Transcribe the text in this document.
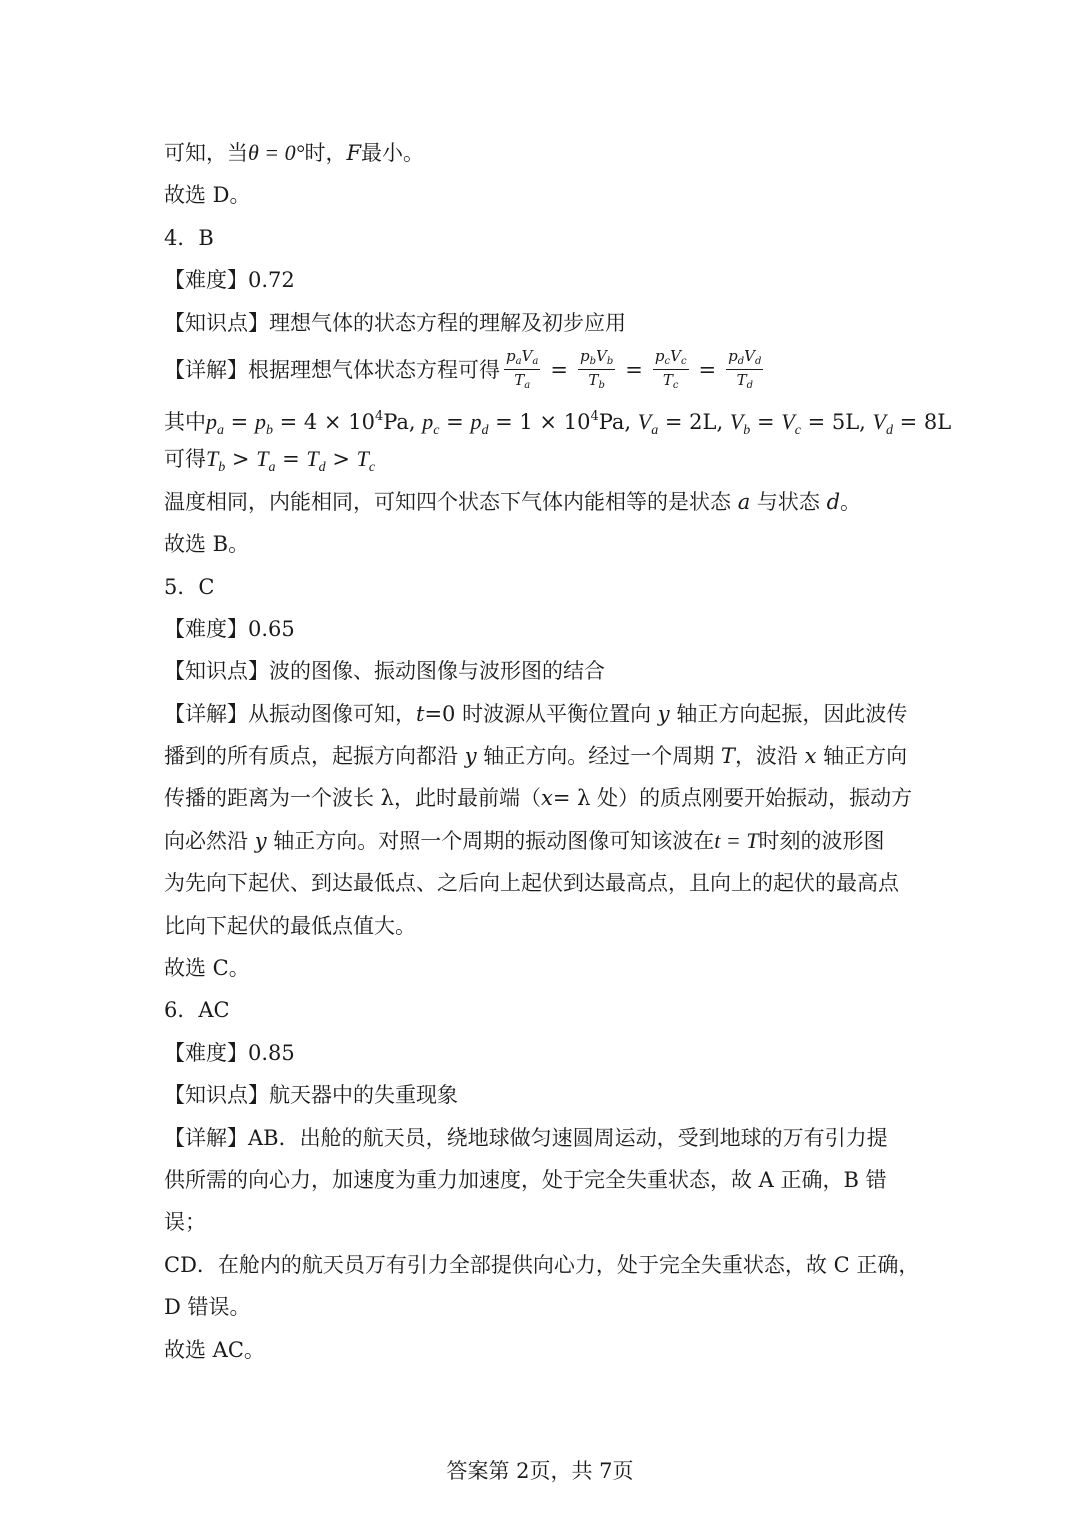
可知，当θ = 0°时，F最小。
故选 D。
4．B
【难度】0.72
【知识点】理想气体的状态方程的理解及初步应用
【详解】根据理想气体状态方程可得 $\frac{p_aV_a}{T_a} = \frac{p_bV_b}{T_b} = \frac{p_cV_c}{T_c} = \frac{p_dV_d}{T_d}$
其中$p_a = p_b = 4 \times 10^4Pa$, $p_c = p_d = 1 \times 10^4Pa$, $V_a = 2L$, $V_b = V_c = 5L$, $V_d = 8L$
可得$T_b > T_a = T_d > T_c$
温度相同，内能相同，可知四个状态下气体内能相等的是状态 a 与状态 d。
故选 B。
5．C
【难度】0.65
【知识点】波的图像、振动图像与波形图的结合
【详解】从振动图像可知，t=0 时波源从平衡位置向 y 轴正方向起振，因此波传
播到的所有质点，起振方向都沿 y 轴正方向。经过一个周期 T，波沿 x 轴正方向
传播的距离为一个波长 λ，此时最前端（x= λ 处）的质点刚要开始振动，振动方
向必然沿 y 轴正方向。对照一个周期的振动图像可知该波在t = T时刻的波形图
为先向下起伏、到达最低点、之后向上起伏到达最高点，且向上的起伏的最高点
比向下起伏的最低点值大。
故选 C。
6．AC
【难度】0.85
【知识点】航天器中的失重现象
【详解】AB．出舱的航天员，绕地球做匀速圆周运动，受到地球的万有引力提
供所需的向心力，加速度为重力加速度，处于完全失重状态，故 A 正确，B 错
误；
CD．在舱内的航天员万有引力全部提供向心力，处于完全失重状态，故 C 正确，
D 错误。
故选 AC。
答案第 2页，共 7页
